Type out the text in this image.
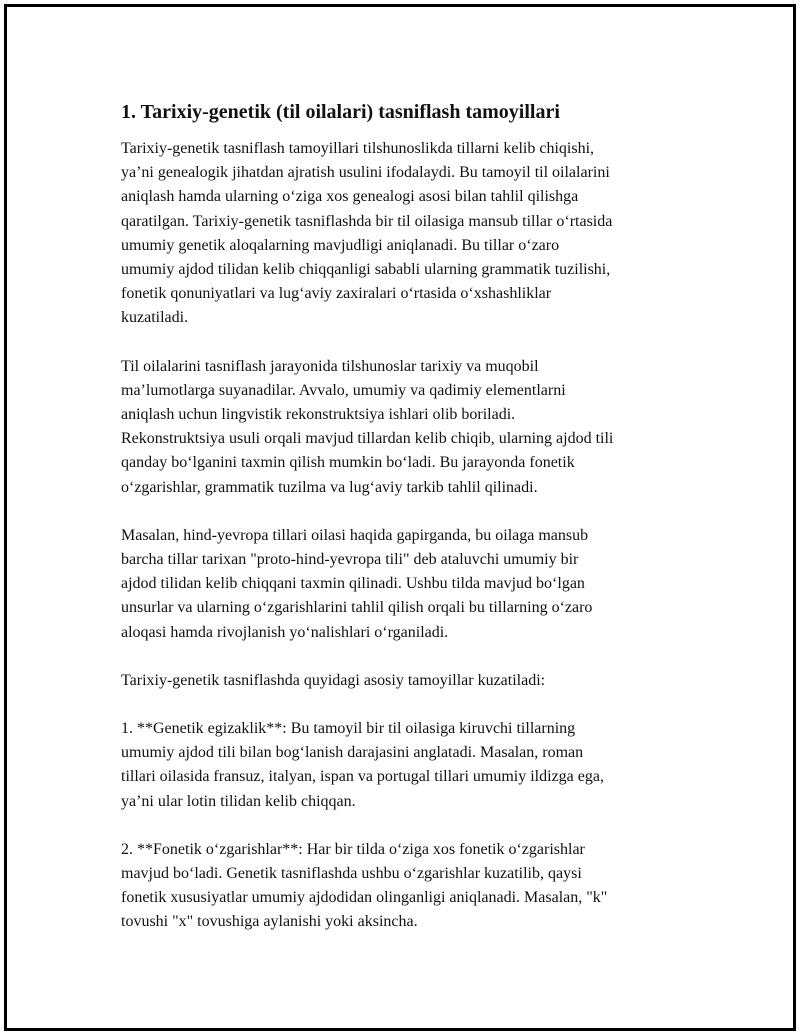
1. Tarixiy-genetik (til oilalari) tasniflash tamoyillari

Tarixiy-genetik tasniflash tamoyillari tilshunoslikda tillarni kelib chiqishi,
ya’ni genealogik jihatdan ajratish usulini ifodalaydi. Bu tamoyil til oilalarini
aniqlash hamda ularning o‘ziga xos genealogi asosi bilan tahlil qilishga
qaratilgan. Tarixiy-genetik tasniflashda bir til oilasiga mansub tillar o‘rtasida
umumiy genetik aloqalarning mavjudligi aniqlanadi. Bu tillar o‘zaro
umumiy ajdod tilidan kelib chiqqanligi sababli ularning grammatik tuzilishi,
fonetik qonuniyatlari va lug‘aviy zaxiralari o‘rtasida o‘xshashliklar
kuzatiladi.

Til oilalarini tasniflash jarayonida tilshunoslar tarixiy va muqobil
ma’lumotlarga suyanadilar. Avvalo, umumiy va qadimiy elementlarni
aniqlash uchun lingvistik rekonstruktsiya ishlari olib boriladi.
Rekonstruktsiya usuli orqali mavjud tillardan kelib chiqib, ularning ajdod tili
qanday bo‘lganini taxmin qilish mumkin bo‘ladi. Bu jarayonda fonetik
o‘zgarishlar, grammatik tuzilma va lug‘aviy tarkib tahlil qilinadi.

Masalan, hind-yevropa tillari oilasi haqida gapirganda, bu oilaga mansub
barcha tillar tarixan "proto-hind-yevropa tili" deb ataluvchi umumiy bir
ajdod tilidan kelib chiqqani taxmin qilinadi. Ushbu tilda mavjud bo‘lgan
unsurlar va ularning o‘zgarishlarini tahlil qilish orqali bu tillarning o‘zaro
aloqasi hamda rivojlanish yo‘nalishlari o‘rganiladi.

Tarixiy-genetik tasniflashda quyidagi asosiy tamoyillar kuzatiladi:

1. **Genetik egizaklik**: Bu tamoyil bir til oilasiga kiruvchi tillarning
umumiy ajdod tili bilan bog‘lanish darajasini anglatadi. Masalan, roman
tillari oilasida fransuz, italyan, ispan va portugal tillari umumiy ildizga ega,
ya’ni ular lotin tilidan kelib chiqqan.

2. **Fonetik o‘zgarishlar**: Har bir tilda o‘ziga xos fonetik o‘zgarishlar
mavjud bo‘ladi. Genetik tasniflashda ushbu o‘zgarishlar kuzatilib, qaysi
fonetik xususiyatlar umumiy ajdodidan olinganligi aniqlanadi. Masalan, "k"
tovushi "x" tovushiga aylanishi yoki aksincha.
